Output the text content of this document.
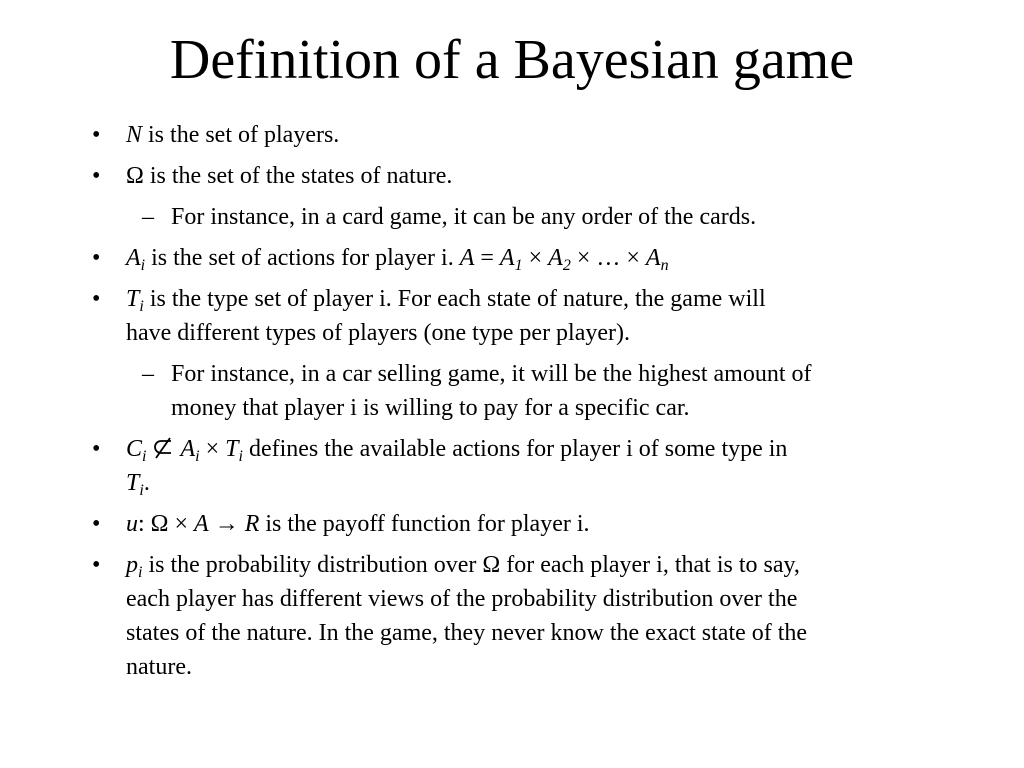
Definition of a Bayesian game
•	N is the set of players.
•	Ω is the set of the states of nature.
– For instance, in a card game, it can be any order of the cards.
•	$A_i$ is the set of actions for player i. $A = A_1 \times A_2$ × … × $A_n$
•	$T_i$ is the type set of player i. For each state of nature, the game will
have different types of players (one type per player).
– For instance, in a car selling game, it will be the highest amount of
money that player i is willing to pay for a specific car.
•	$C_i$ $A_i \times T_i$ defines the available actions for player i of some type in
$T_i$.
•	u: Ω × A → R is the payoff function for player i.
•	$p_i$ is the probability distribution over Ω for each player i, that is to say,
each player has different views of the probability distribution over the
states of the nature. In the game, they never know the exact state of the
nature.
